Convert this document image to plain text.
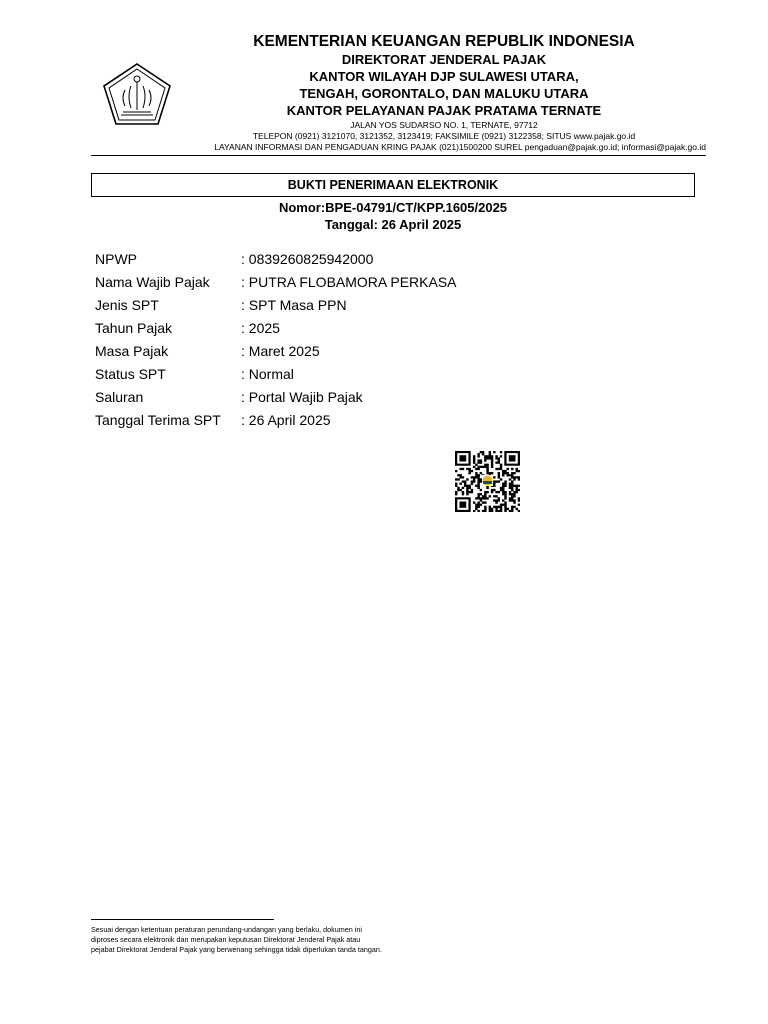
KEMENTERIAN KEUANGAN REPUBLIK INDONESIA
DIREKTORAT JENDERAL PAJAK
KANTOR WILAYAH DJP SULAWESI UTARA,
TENGAH, GORONTALO, DAN MALUKU UTARA
KANTOR PELAYANAN PAJAK PRATAMA TERNATE
JALAN YOS SUDARSO NO. 1, TERNATE, 97712
TELEPON (0921) 3121070, 3121352, 3123419; FAKSIMILE (0921) 3122358; SITUS www.pajak.go.id
LAYANAN INFORMASI DAN PENGADUAN KRING PAJAK (021)1500200 SUREL pengaduan@pajak.go.id; informasi@pajak.go.id
BUKTI PENERIMAAN ELEKTRONIK
Nomor:BPE-04791/CT/KPP.1605/2025
Tanggal: 26 April 2025
NPWP	: 0839260825942000
Nama Wajib Pajak	: PUTRA FLOBAMORA PERKASA
Jenis SPT	: SPT Masa PPN
Tahun Pajak	: 2025
Masa Pajak	: Maret 2025
Status SPT	: Normal
Saluran	: Portal Wajib Pajak
Tanggal Terima SPT	: 26 April 2025
Sesuai dengan ketentuan peraturan perundang-undangan yang berlaku, dokumen ini
diproses secara elektronik dan merupakan keputusan Direktorat Jenderal Pajak atau
pejabat Direktorat Jenderal Pajak yang berwenang sehingga tidak diperlukan tanda tangan.
